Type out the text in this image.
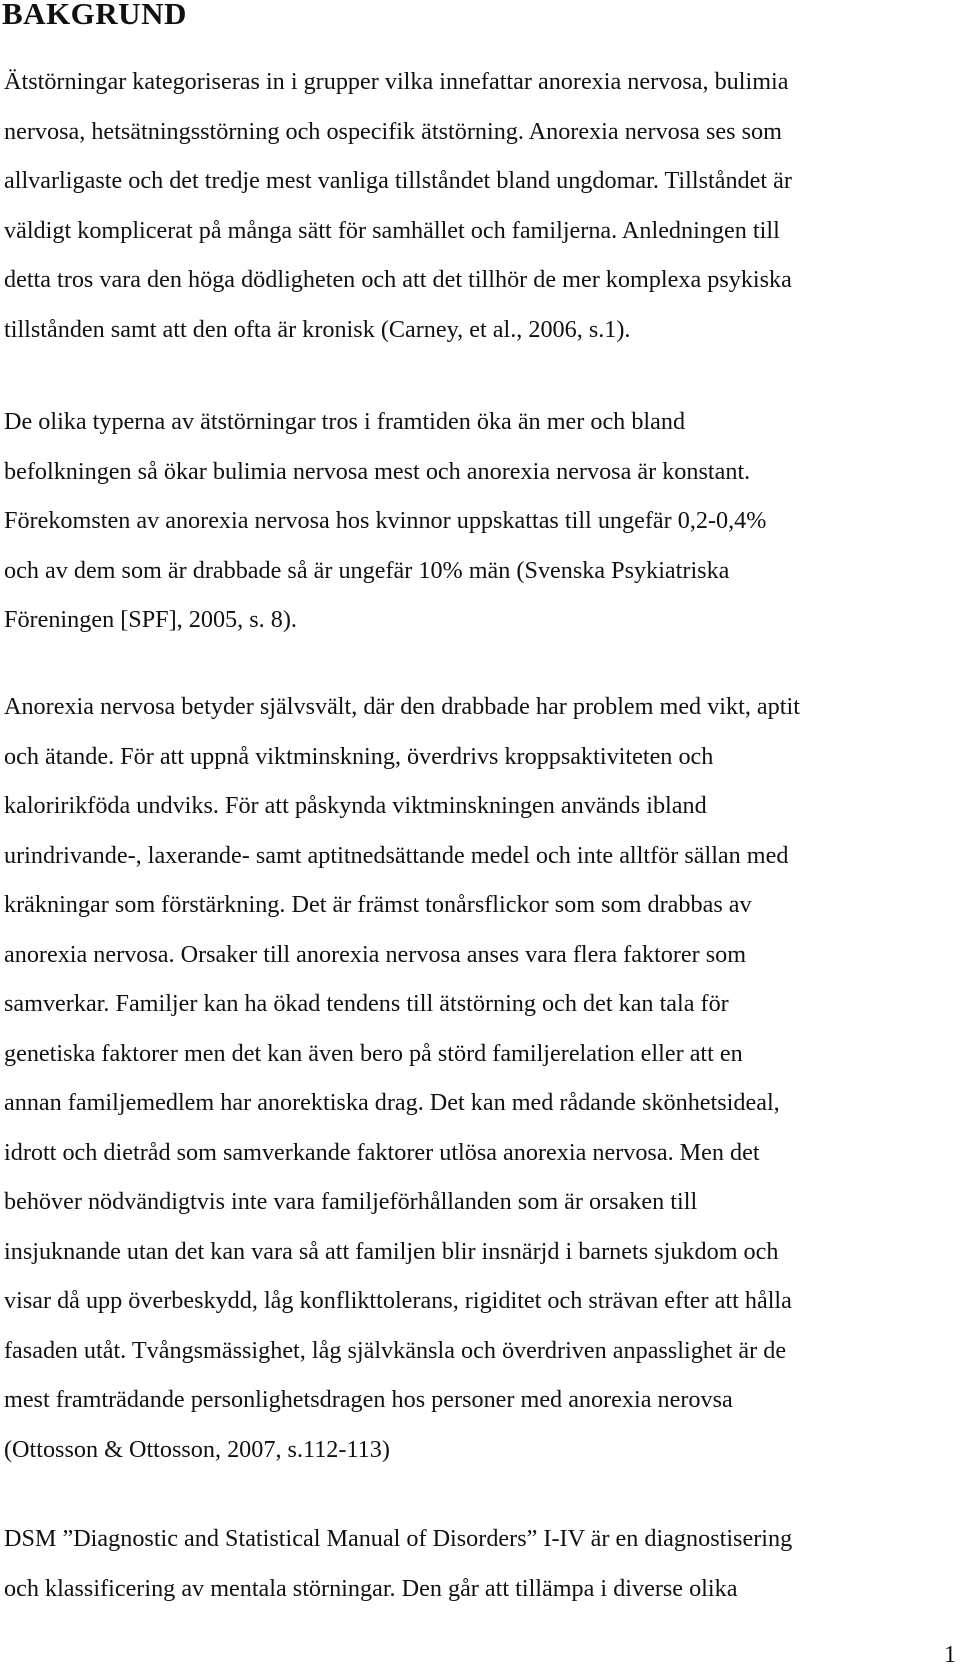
BAKGRUND
Ätstörningar kategoriseras in i grupper vilka innefattar anorexia nervosa, bulimia
nervosa, hetsätningsstörning och ospecifik ätstörning. Anorexia nervosa ses som
allvarligaste och det tredje mest vanliga tillståndet bland ungdomar. Tillståndet är
väldigt komplicerat på många sätt för samhället och familjerna. Anledningen till
detta tros vara den höga dödligheten och att det tillhör de mer komplexa psykiska
tillstånden samt att den ofta är kronisk (Carney, et al., 2006, s.1).
De olika typerna av ätstörningar tros i framtiden öka än mer och bland
befolkningen så ökar bulimia nervosa mest och anorexia nervosa är konstant.
Förekomsten av anorexia nervosa hos kvinnor uppskattas till ungefär 0,2-0,4%
och av dem som är drabbade så är ungefär 10% män (Svenska Psykiatriska
Föreningen [SPF], 2005, s. 8).
Anorexia nervosa betyder självsvält, där den drabbade har problem med vikt, aptit
och ätande. För att uppnå viktminskning, överdrivs kroppsaktiviteten och
kaloririkföda undviks. För att påskynda viktminskningen används ibland
urindrivande-, laxerande- samt aptitnedsättande medel och inte alltför sällan med
kräkningar som förstärkning. Det är främst tonårsflickor som som drabbas av
anorexia nervosa. Orsaker till anorexia nervosa anses vara flera faktorer som
samverkar. Familjer kan ha ökad tendens till ätstörning och det kan tala för
genetiska faktorer men det kan även bero på störd familjerelation eller att en
annan familjemedlem har anorektiska drag. Det kan med rådande skönhetsideal,
idrott och dietråd som samverkande faktorer utlösa anorexia nervosa. Men det
behöver nödvändigtvis inte vara familjeförhållanden som är orsaken till
insjuknande utan det kan vara så att familjen blir insnärjd i barnets sjukdom och
visar då upp överbeskydd, låg konflikttolerans, rigiditet och strävan efter att hålla
fasaden utåt. Tvångsmässighet, låg självkänsla och överdriven anpasslighet är de
mest framträdande personlighetsdragen hos personer med anorexia nerovsa
(Ottosson & Ottosson, 2007, s.112-113)
DSM ”Diagnostic and Statistical Manual of Disorders” I-IV är en diagnostisering
och klassificering av mentala störningar. Den går att tillämpa i diverse olika
1
